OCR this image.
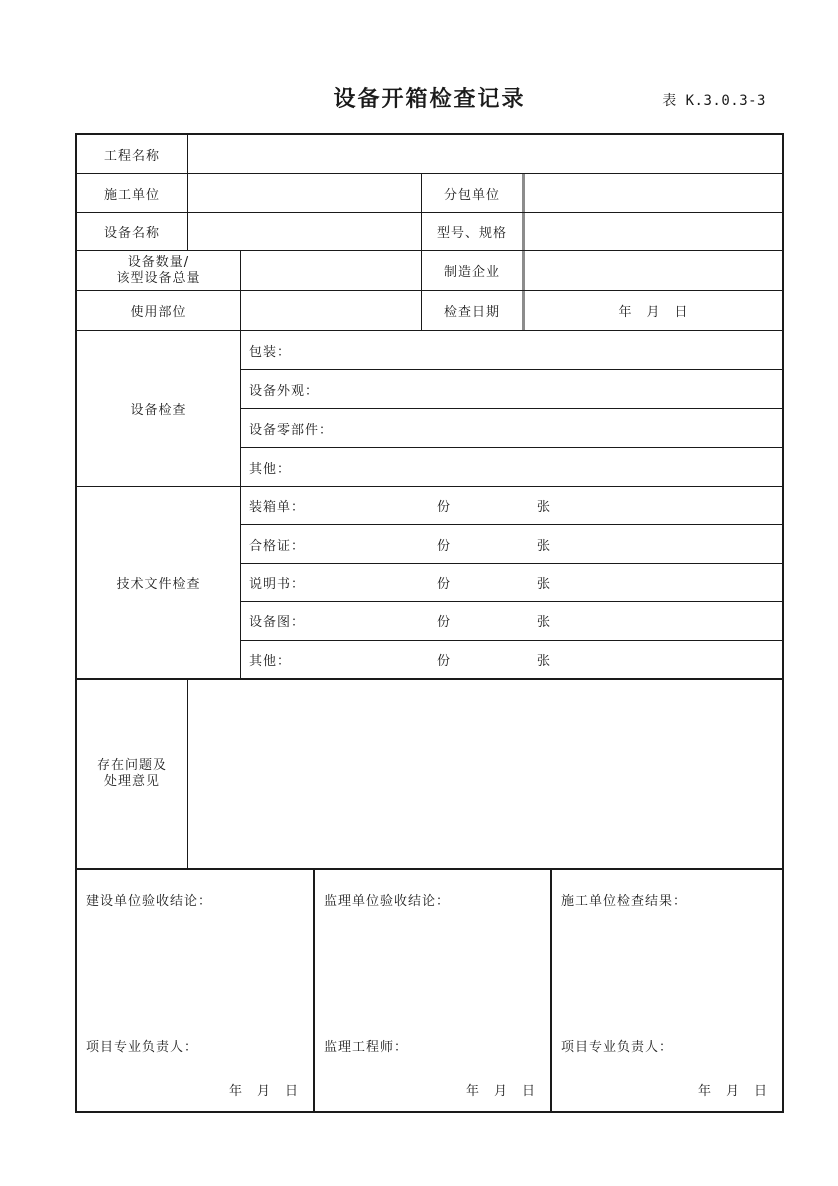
设备开箱检查记录	表 K.3.0.3-3
工程名称
施工单位	分包单位
设备名称	型号、规格
设备数量/
该型设备总量	制造企业
使用部位	检查日期	年　月　日
设备检查
包装：
设备外观：
设备零部件：
其他：
技术文件检查
装箱单：	份	张
合格证：	份	张
说明书：	份	张
设备图：	份	张
其他：	份	张
存在问题及
处理意见
建设单位验收结论：
项目专业负责人：
年　月　日
监理单位验收结论：
监理工程师：
年　月　日
施工单位检查结果：
项目专业负责人：
年　月　日
